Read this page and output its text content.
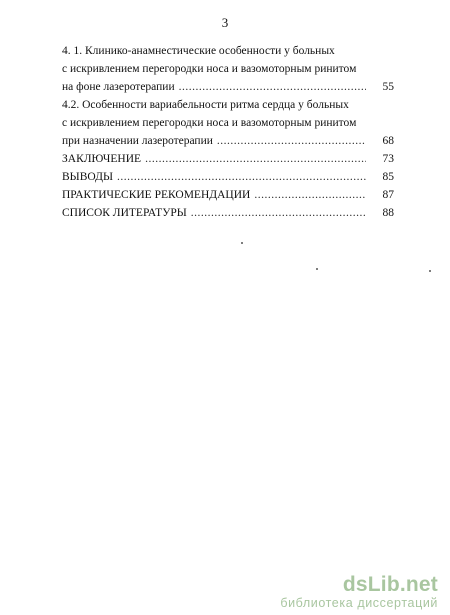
3
4. 1. Клинико-анамнестические особенности у больных
с искривлением перегородки носа и вазомоторным ринитом
на фоне лазеротерапии .....	55
4.2. Особенности вариабельности ритма сердца у больных
с искривлением перегородки носа и вазомоторным ринитом
при назначении лазеротерапии .....	68
ЗАКЛЮЧЕНИЕ .....	73
ВЫВОДЫ .....	85
ПРАКТИЧЕСКИЕ РЕКОМЕНДАЦИИ .....	87
СПИСОК ЛИТЕРАТУРЫ .....	88
dsLib.net
библиотека диссертаций
